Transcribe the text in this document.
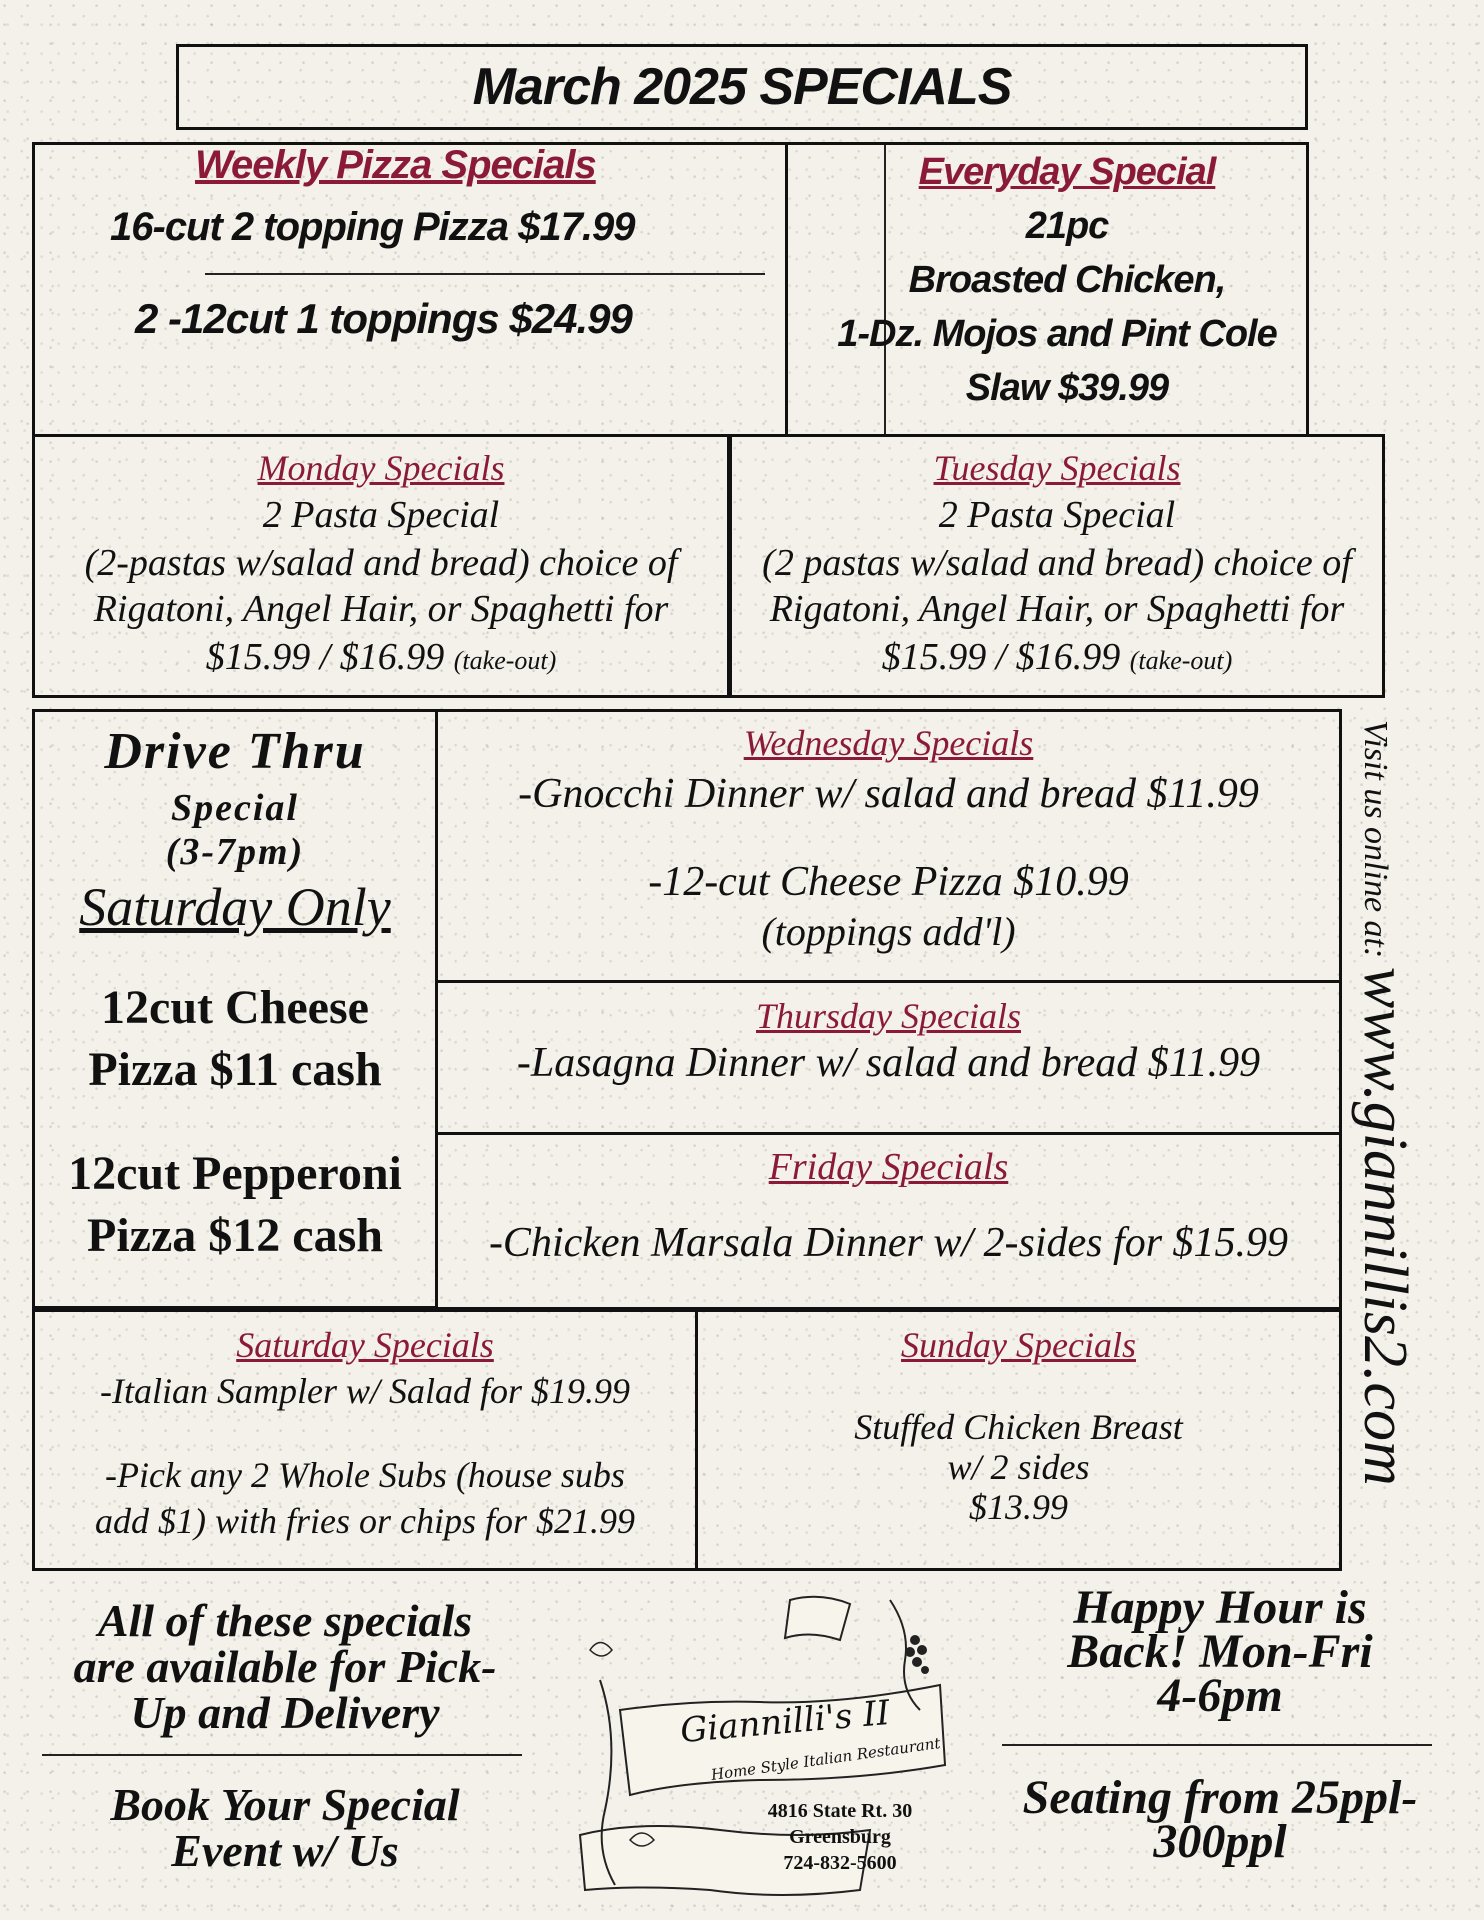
March 2025 SPECIALS
Weekly Pizza Specials
16-cut 2 topping Pizza $17.99
2 -12cut 1 toppings $24.99
Everyday Special
21pc
Broasted Chicken,
1-Dz. Mojos and Pint Cole
Slaw $39.99
Monday Specials
2 Pasta Special
(2-pastas w/salad and bread) choice of
Rigatoni, Angel Hair, or Spaghetti for
$15.99 / $16.99 (take-out)
Tuesday Specials
2 Pasta Special
(2 pastas w/salad and bread) choice of
Rigatoni, Angel Hair, or Spaghetti for
$15.99 / $16.99 (take-out)
Drive Thru
Special
(3-7pm)
Saturday Only
12cut Cheese
Pizza $11 cash
12cut Pepperoni
Pizza $12 cash
Wednesday Specials
-Gnocchi Dinner w/ salad and bread $11.99
-12-cut Cheese Pizza $10.99
(toppings add'l)
Thursday Specials
-Lasagna Dinner w/ salad and bread $11.99
Friday Specials
-Chicken Marsala Dinner w/ 2-sides for $15.99
Saturday Specials
-Italian Sampler w/ Salad for $19.99
-Pick any 2 Whole Subs (house subs
add $1) with fries or chips for $21.99
Sunday Specials
Stuffed Chicken Breast
w/ 2 sides
$13.99
Visit us online at: www.giannillis2.com
All of these specials
are available for Pick-
Up and Delivery
Book Your Special
Event w/ Us
Giannilli's II
Home Style Italian Restaurant
4816 State Rt. 30
Greensburg
724-832-5600
Happy Hour is
Back! Mon-Fri
4-6pm
Seating from 25ppl-
300ppl
